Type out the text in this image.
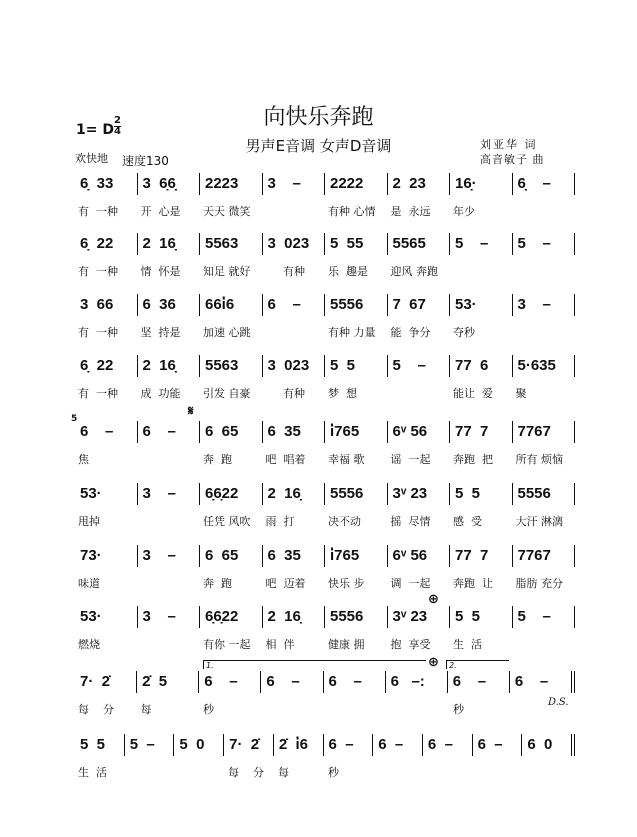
向快乐奔跑
男声E音调 女声D音调
1= D
2
4
欢快地 速度130
刘亚华 词
高音敏子 曲
6̣  33	3  6̣6̣	2223	3    –	2222	2  23	16̣·	6̣    –
有  一种	开  心是	天天 微笑	有种 心情	是  永远	年少
6̣  22	2  16̣	5563	3  023	5  55	5565	5    –	5    –
有  一种	情  怀是	知足 就好	有种	乐  趣是	迎风 奔跑
3  66	6  36	66i̇6	6    –	5556	7  67	53·	3    –
有  一种	坚  持是	加速 心跳	有种 力量	能  争分	夺秒
6̣  22	2  16̣	5563	3  023	5  5	5    –	77  6	5·635
有  一种	成  功能	引发 自豪	有种	梦  想	能让  爱	聚
6    –	6    –	6  65	6  35	i̇765	6ᵛ 56	77  7	7767
焦	奔  跑	吧  唱着	幸福 歌	谣  一起	奔跑  把	所有 烦恼
53·	3    –	6̣6̣22	2  16̣	5556	3ᵛ 23	5  5	5556
甩掉	任凭 风吹	雨  打	决不动	摇  尽情	感  受	大汗 淋漓
73·	3    –	6  65	6  35	i̇765	6ᵛ 56	77  7	7767
味道	奔  跑	吧  迈着	快乐 步	调  一起	奔跑  让	脂肪 充分
53·	3    –	6̣6̣22	2  16̣	5556	3ᵛ 23	5  5	5    –
燃烧	有你 一起	相  伴	健康 拥	抱  享受	生  活
7·  2̇	2̇  5	6    –	6    –	6    –	6   –:	6    –	6    –
每    分	每	秒	秒
5  5	5  –	5  0	7·  2̇	2̇  i̇6	6  –	6  –	6  –	6  –	6  0
生  活	每    分	每	秒
𝄋
5
⊕
⊕
1.	2.
D.S.
